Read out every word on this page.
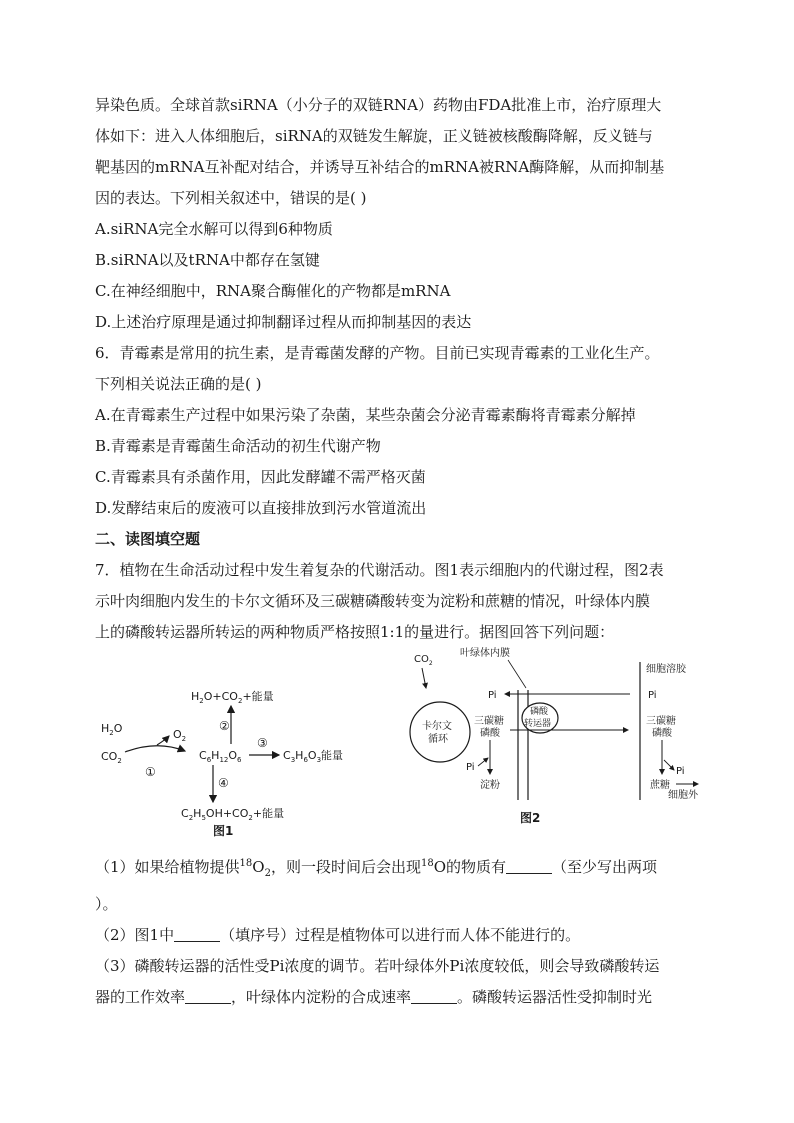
异染色质。全球首款siRNA（小分子的双链RNA）药物由FDA批准上市，治疗原理大

体如下：进入人体细胞后，siRNA的双链发生解旋，正义链被核酸酶降解，反义链与

靶基因的mRNA互补配对结合，并诱导互补结合的mRNA被RNA酶降解，从而抑制基

因的表达。下列相关叙述中，错误的是( )

A.siRNA完全水解可以得到6种物质

B.siRNA以及tRNA中都存在氢键

C.在神经细胞中，RNA聚合酶催化的产物都是mRNA

D.上述治疗原理是通过抑制翻译过程从而抑制基因的表达

6．青霉素是常用的抗生素，是青霉菌发酵的产物。目前已实现青霉素的工业化生产。

下列相关说法正确的是( )

A.在青霉素生产过程中如果污染了杂菌，某些杂菌会分泌青霉素酶将青霉素分解掉

B.青霉素是青霉菌生命活动的初生代谢产物

C.青霉素具有杀菌作用，因此发酵罐不需严格灭菌

D.发酵结束后的废液可以直接排放到污水管道流出

二、读图填空题

7．植物在生命活动过程中发生着复杂的代谢活动。图1表示细胞内的代谢过程，图2表

示叶肉细胞内发生的卡尔文循环及三碳糖磷酸转变为淀粉和蔗糖的情况，叶绿体内膜

上的磷酸转运器所转运的两种物质严格按照1:1的量进行。据图回答下列问题：

$H_2O$
$CO_2$
$O_2$
①
$C_6H_{12}O_6$
②
$H_2O+CO_2+$能量
③
$C_3H_6O_3$能量
④
$C_2H_5OH+CO_2+$能量
图1
叶绿体内膜
细胞溶胶
$CO_2$
卡尔文
循环
磷酸
转运器
Pi	Pi
三碳糖
磷酸
三碳糖
磷酸
Pi
淀粉
Pi
蔗糖
细胞外
图2

（1）如果给植物提供$^{18}O_2$，则一段时间后会出现$^{18}$O的物质有	（至少写出两项

）。

（2）图1中	（填序号）过程是植物体可以进行而人体不能进行的。

（3）磷酸转运器的活性受Pi浓度的调节。若叶绿体外Pi浓度较低，则会导致磷酸转运

器的工作效率	，叶绿体内淀粉的合成速率	。磷酸转运器活性受抑制时光
